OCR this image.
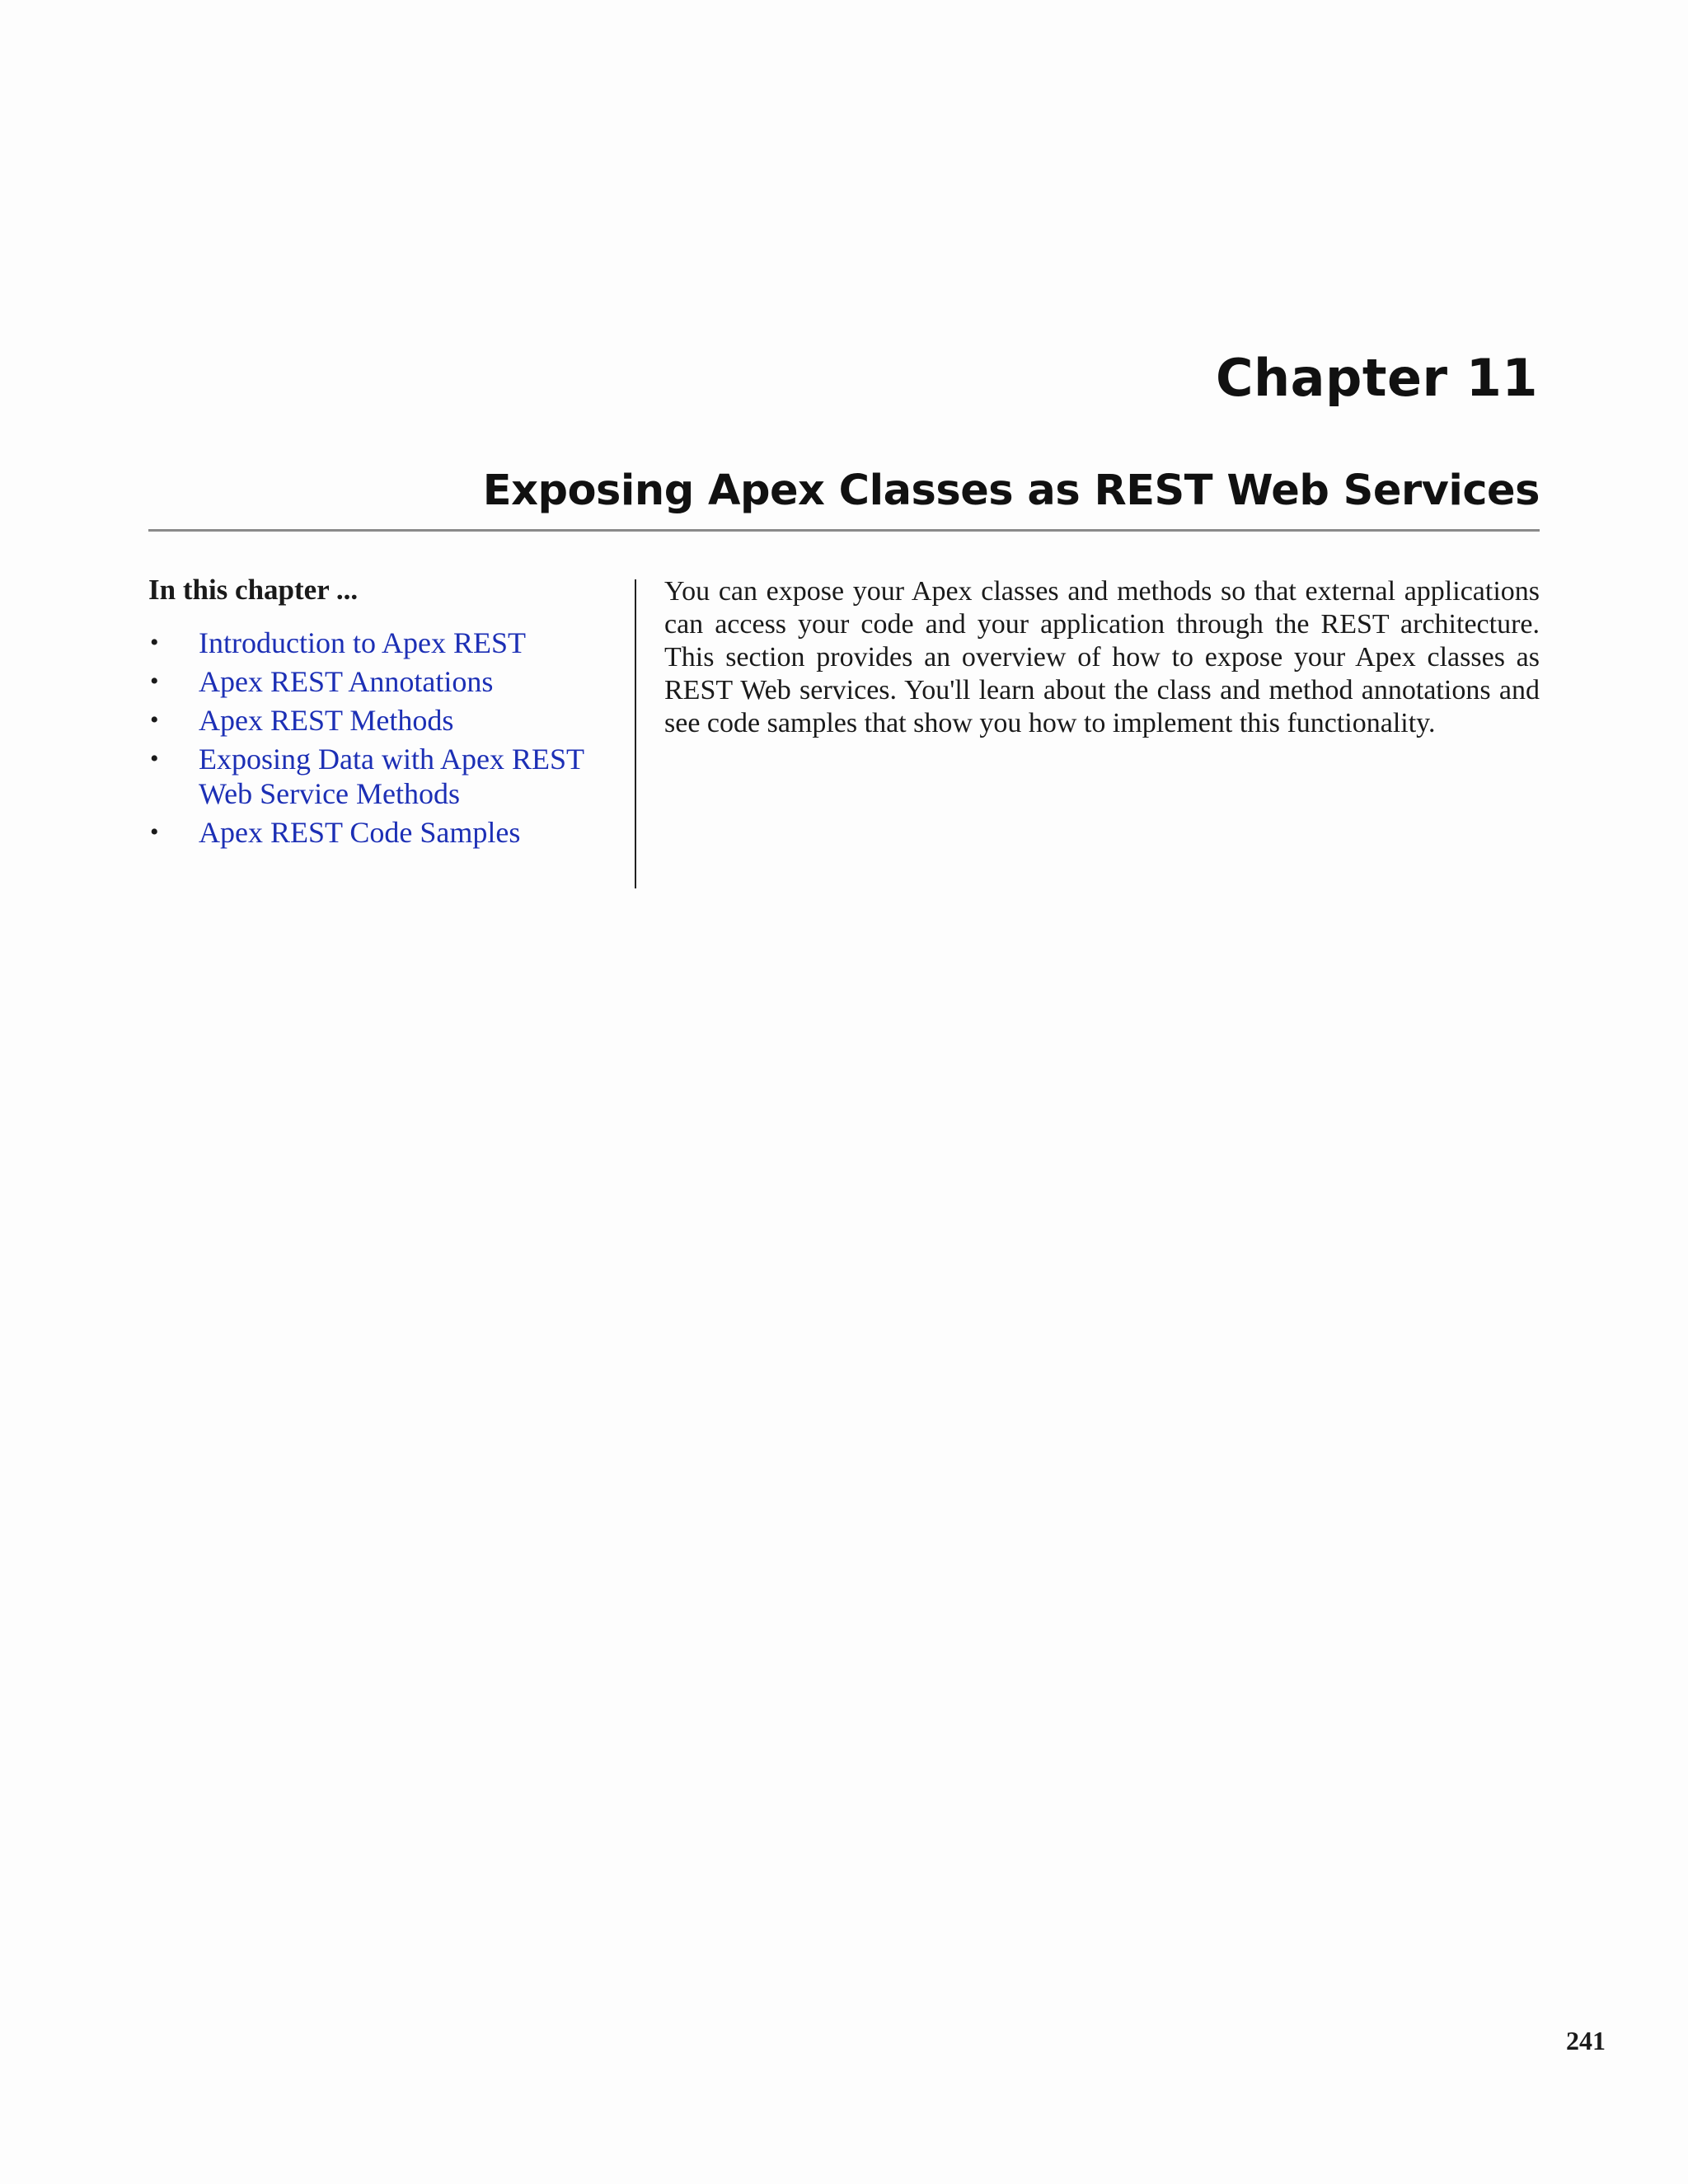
Chapter 11
Exposing Apex Classes as REST Web Services
In this chapter ...
• Introduction to Apex REST
• Apex REST Annotations
• Apex REST Methods
• Exposing Data with Apex REST Web Service Methods
• Apex REST Code Samples

You can expose your Apex classes and methods so that external applications can access your code and your application through the REST architecture. This section provides an overview of how to expose your Apex classes as REST Web services. You'll learn about the class and method annotations and see code samples that show you how to implement this functionality.

241
